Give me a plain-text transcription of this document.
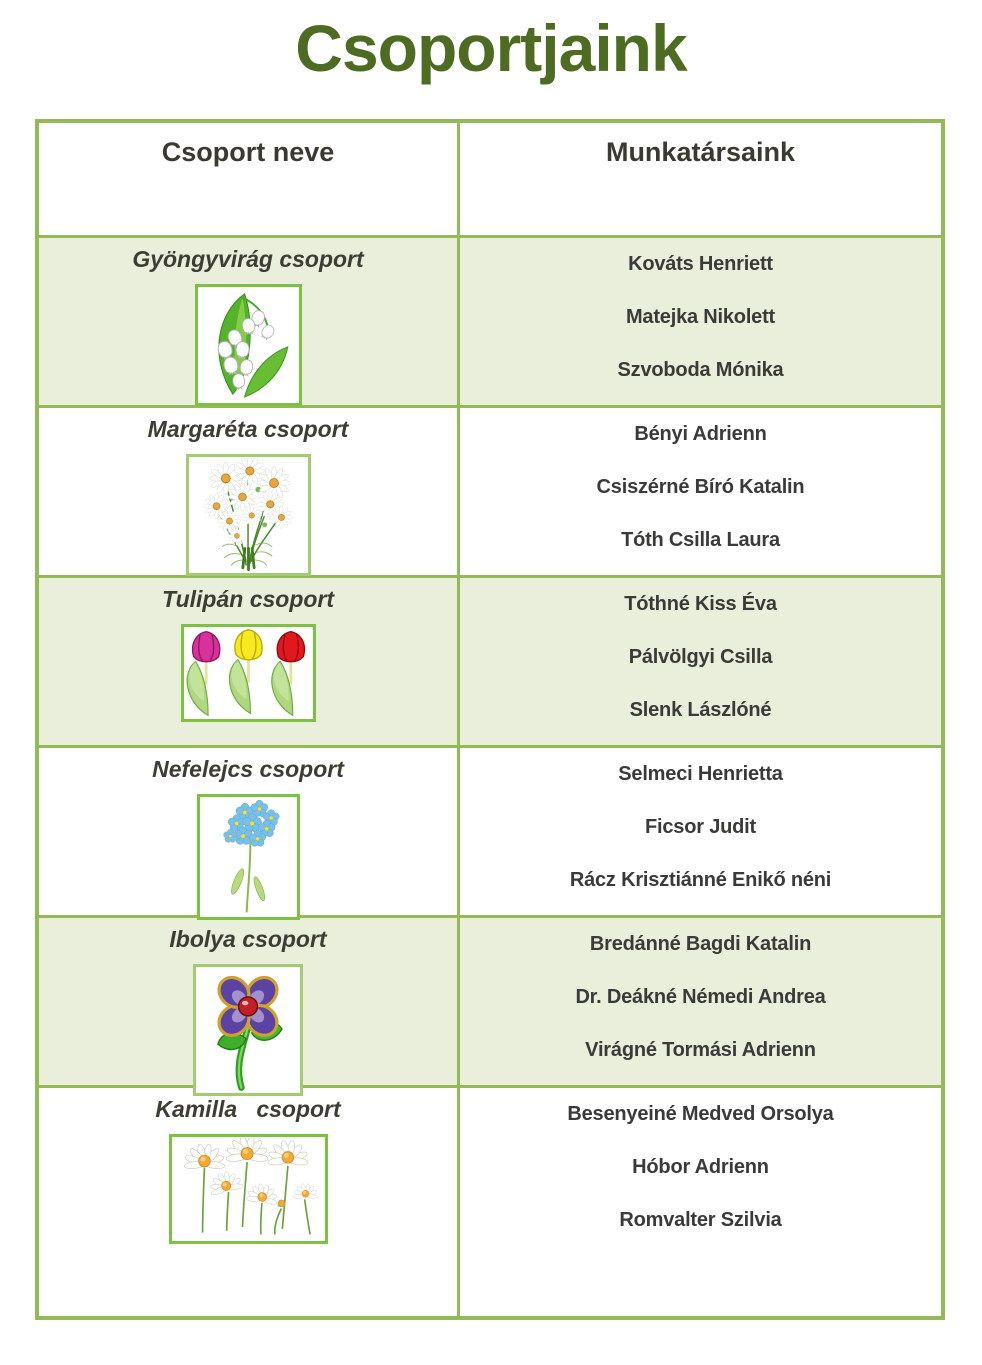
Csoportjaink
Csoport neve	Munkatársaink
Gyöngyvirág csoport	Kováts Henriett
Matejka Nikolett
Szvoboda Mónika
Margaréta csoport	Bényi Adrienn
Csiszérné Bíró Katalin
Tóth Csilla Laura
Tulipán csoport	Tóthné Kiss Éva
Pálvölgyi Csilla
Slenk Lászlóné
Nefelejcs csoport	Selmeci Henrietta
Ficsor Judit
Rácz Krisztiánné Enikő néni
Ibolya csoport	Bredánné Bagdi Katalin
Dr. Deákné Némedi Andrea
Virágné Tormási Adrienn
Kamilla   csoport	Besenyeiné Medved Orsolya
Hóbor Adrienn
Romvalter Szilvia
